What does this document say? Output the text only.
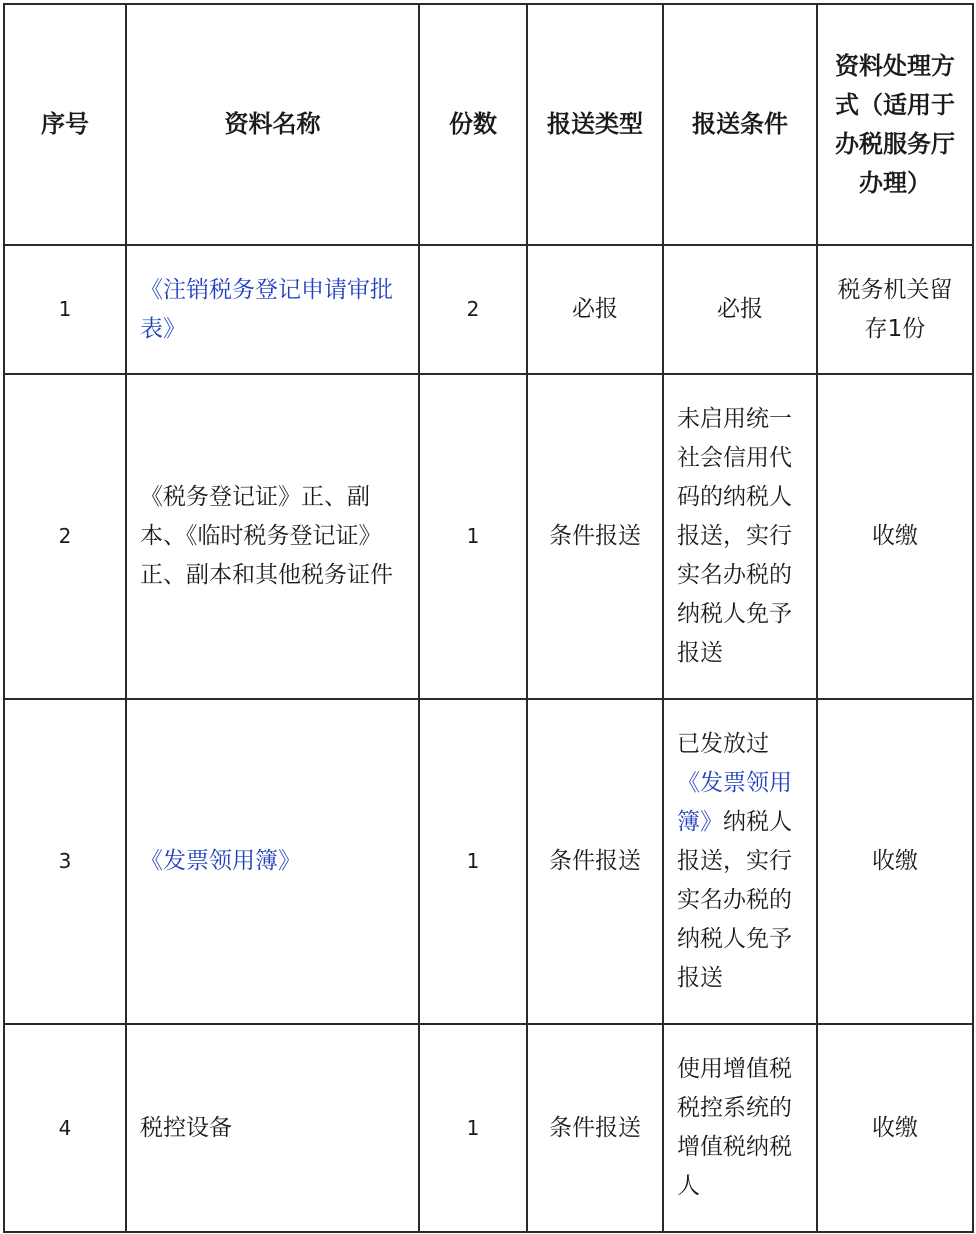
序号	资料名称	份数	报送类型	报送条件	资料处理方式（适用于办税服务厅办理）
1	《注销税务登记申请审批表》	2	必报	必报	税务机关留存1份
2	《税务登记证》正、副本、《临时税务登记证》正、副本和其他税务证件	1	条件报送	未启用统一社会信用代码的纳税人报送，实行实名办税的纳税人免予报送	收缴
3	《发票领用簿》	1	条件报送	已发放过《发票领用簿》纳税人报送，实行实名办税的纳税人免予报送	收缴
4	税控设备	1	条件报送	使用增值税税控系统的增值税纳税人	收缴
